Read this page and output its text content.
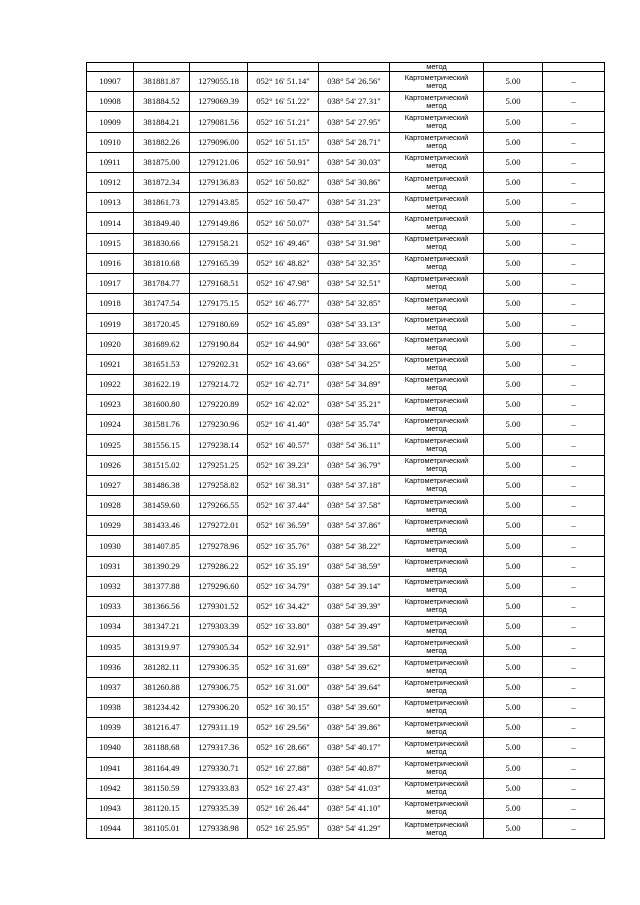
					метод		

10907	381881.87	1279055.18	052° 16' 51.14"	038° 54' 26.56"	Картометрический
метод	5.00	–
10908	381884.52	1279069.39	052° 16' 51.22"	038° 54' 27.31"	Картометрический
метод	5.00	–
10909	381884.21	1279081.56	052° 16' 51.21"	038° 54' 27.95"	Картометрический
метод	5.00	–
10910	381882.26	1279096.00	052° 16' 51.15"	038° 54' 28.71"	Картометрический
метод	5.00	–
10911	381875.00	1279121.06	052° 16' 50.91"	038° 54' 30.03"	Картометрический
метод	5.00	–
10912	381872.34	1279136.83	052° 16' 50.82"	038° 54' 30.86"	Картометрический
метод	5.00	–
10913	381861.73	1279143.85	052° 16' 50.47"	038° 54' 31.23"	Картометрический
метод	5.00	–
10914	381849.40	1279149.86	052° 16' 50.07"	038° 54' 31.54"	Картометрический
метод	5.00	–
10915	381830.66	1279158.21	052° 16' 49.46"	038° 54' 31.98"	Картометрический
метод	5.00	–
10916	381810.68	1279165.39	052° 16' 48.82"	038° 54' 32.35"	Картометрический
метод	5.00	–
10917	381784.77	1279168.51	052° 16' 47.98"	038° 54' 32.51"	Картометрический
метод	5.00	–
10918	381747.54	1279175.15	052° 16' 46.77"	038° 54' 32.85"	Картометрический
метод	5.00	–
10919	381720.45	1279180.69	052° 16' 45.89"	038° 54' 33.13"	Картометрический
метод	5.00	–
10920	381689.62	1279190.84	052° 16' 44.90"	038° 54' 33.66"	Картометрический
метод	5.00	–
10921	381651.53	1279202.31	052° 16' 43.66"	038° 54' 34.25"	Картометрический
метод	5.00	–
10922	381622.19	1279214.72	052° 16' 42.71"	038° 54' 34.89"	Картометрический
метод	5.00	–
10923	381600.80	1279220.89	052° 16' 42.02"	038° 54' 35.21"	Картометрический
метод	5.00	–
10924	381581.76	1279230.96	052° 16' 41.40"	038° 54' 35.74"	Картометрический
метод	5.00	–
10925	381556.15	1279238.14	052° 16' 40.57"	038° 54' 36.11"	Картометрический
метод	5.00	–
10926	381515.02	1279251.25	052° 16' 39.23"	038° 54' 36.79"	Картометрический
метод	5.00	–
10927	381486.38	1279258.82	052° 16' 38.31"	038° 54' 37.18"	Картометрический
метод	5.00	–
10928	381459.60	1279266.55	052° 16' 37.44"	038° 54' 37.58"	Картометрический
метод	5.00	–
10929	381433.46	1279272.01	052° 16' 36.59"	038° 54' 37.86"	Картометрический
метод	5.00	–
10930	381407.85	1279278.96	052° 16' 35.76"	038° 54' 38.22"	Картометрический
метод	5.00	–
10931	381390.29	1279286.22	052° 16' 35.19"	038° 54' 38.59"	Картометрический
метод	5.00	–
10932	381377.88	1279296.60	052° 16' 34.79"	038° 54' 39.14"	Картометрический
метод	5.00	–
10933	381366.56	1279301.52	052° 16' 34.42"	038° 54' 39.39"	Картометрический
метод	5.00	–
10934	381347.21	1279303.39	052° 16' 33.80"	038° 54' 39.49"	Картометрический
метод	5.00	–
10935	381319.97	1279305.34	052° 16' 32.91"	038° 54' 39.58"	Картометрический
метод	5.00	–
10936	381282.11	1279306.35	052° 16' 31.69"	038° 54' 39.62"	Картометрический
метод	5.00	–
10937	381260.88	1279306.75	052° 16' 31.00"	038° 54' 39.64"	Картометрический
метод	5.00	–
10938	381234.42	1279306.20	052° 16' 30.15"	038° 54' 39.60"	Картометрический
метод	5.00	–
10939	381216.47	1279311.19	052° 16' 29.56"	038° 54' 39.86"	Картометрический
метод	5.00	–
10940	381188.68	1279317.36	052° 16' 28.66"	038° 54' 40.17"	Картометрический
метод	5.00	–
10941	381164.49	1279330.71	052° 16' 27.88"	038° 54' 40.87"	Картометрический
метод	5.00	–
10942	381150.59	1279333.83	052° 16' 27.43"	038° 54' 41.03"	Картометрический
метод	5.00	–
10943	381120.15	1279335.39	052° 16' 26.44"	038° 54' 41.10"	Картометрический
метод	5.00	–
10944	381105.01	1279338.98	052° 16' 25.95"	038° 54' 41.29"	Картометрический
метод	5.00	–
